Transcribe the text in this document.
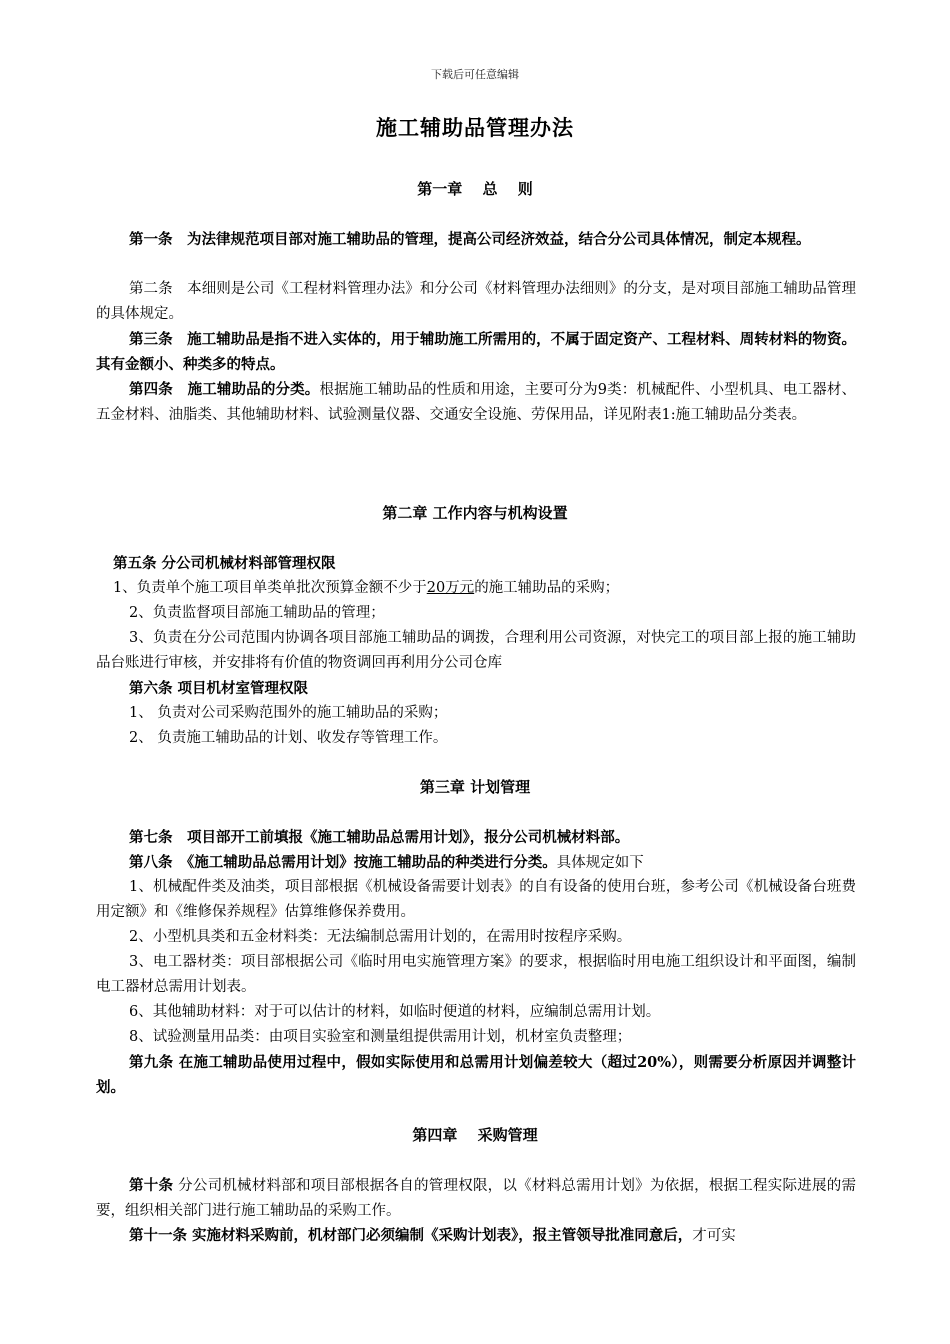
下载后可任意编辑
施工辅助品管理办法
第一章　 总　 则
第一条　为法律规范项目部对施工辅助品的管理，提高公司经济效益，结合分公司具体情况，制定本规程。
第二条　本细则是公司《工程材料管理办法》和分公司《材料管理办法细则》的分支，是对项目部施工辅助品管理的具体规定。
第三条　施工辅助品是指不进入实体的，用于辅助施工所需用的，不属于固定资产、工程材料、周转材料的物资。其有金额小、种类多的特点。
第四条　施工辅助品的分类。根据施工辅助品的性质和用途，主要可分为9类：机械配件、小型机具、电工器材、五金材料、油脂类、其他辅助材料、试验测量仪器、交通安全设施、劳保用品，详见附表1:施工辅助品分类表。
第二章 工作内容与机构设置
第五条 分公司机械材料部管理权限
1、负责单个施工项目单类单批次预算金额不少于20万元的施工辅助品的采购；
2、负责监督项目部施工辅助品的管理；
3、负责在分公司范围内协调各项目部施工辅助品的调拨，合理利用公司资源，对快完工的项目部上报的施工辅助品台账进行审核，并安排将有价值的物资调回再利用分公司仓库
第六条 项目机材室管理权限
1、 负责对公司采购范围外的施工辅助品的采购；
2、 负责施工辅助品的计划、收发存等管理工作。
第三章 计划管理
第七条　项目部开工前填报《施工辅助品总需用计划》，报分公司机械材料部。
第八条　《施工辅助品总需用计划》按施工辅助品的种类进行分类。具体规定如下
1、机械配件类及油类，项目部根据《机械设备需要计划表》的自有设备的使用台班，参考公司《机械设备台班费用定额》和《维修保养规程》估算维修保养费用。
2、小型机具类和五金材料类：无法编制总需用计划的，在需用时按程序采购。
3、电工器材类：项目部根据公司《临时用电实施管理方案》的要求，根据临时用电施工组织设计和平面图，编制电工器材总需用计划表。
6、其他辅助材料：对于可以估计的材料，如临时便道的材料，应编制总需用计划。
8、试验测量用品类：由项目实验室和测量组提供需用计划，机材室负责整理；
第九条 在施工辅助品使用过程中，假如实际使用和总需用计划偏差较大（超过20%），则需要分析原因并调整计划。
第四章　 采购管理
第十条 分公司机械材料部和项目部根据各自的管理权限，以《材料总需用计划》为依据，根据工程实际进展的需要，组织相关部门进行施工辅助品的采购工作。
第十一条 实施材料采购前，机材部门必须编制《采购计划表》，报主管领导批准同意后，才可实
